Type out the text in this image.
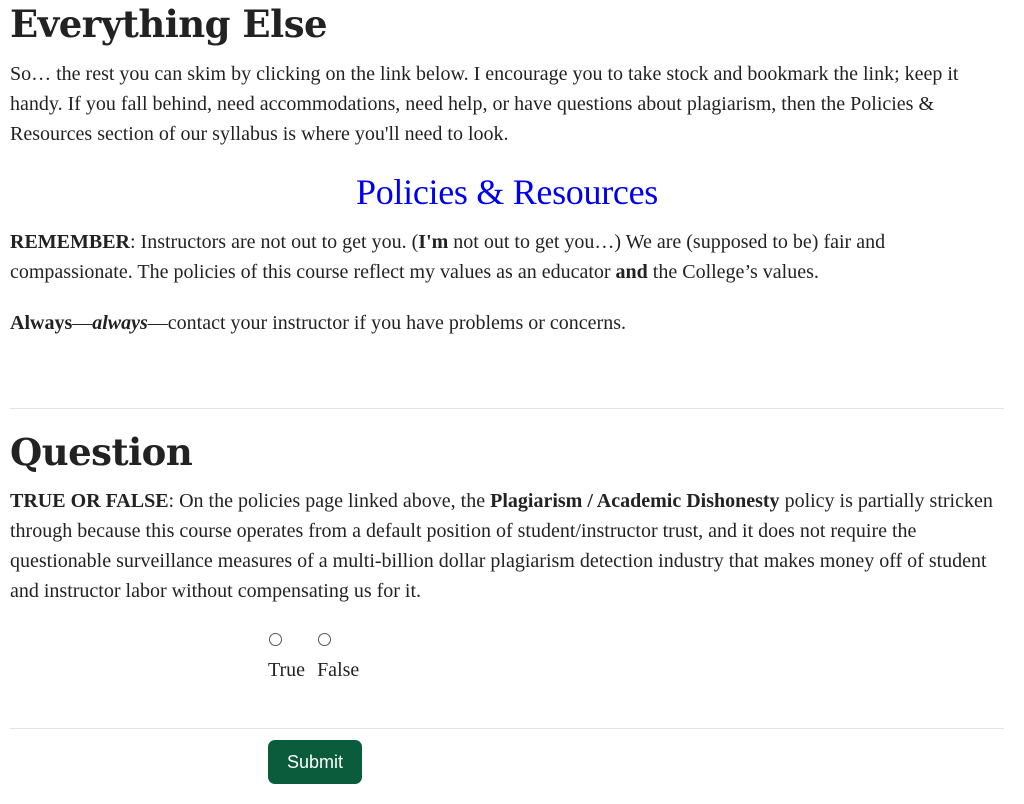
Everything Else

So… the rest you can skim by clicking on the link below. I encourage you to take stock and bookmark the link; keep it handy. If you fall behind, need accommodations, need help, or have questions about plagiarism, then the Policies & Resources section of our syllabus is where you'll need to look.

Policies & Resources

REMEMBER: Instructors are not out to get you. (I'm not out to get you…) We are (supposed to be) fair and compassionate. The policies of this course reflect my values as an educator and the College’s values.

Always—always—contact your instructor if you have problems or concerns.

Question

TRUE OR FALSE: On the policies page linked above, the Plagiarism / Academic Dishonesty policy is partially stricken through because this course operates from a default position of student/instructor trust, and it does not require the questionable surveillance measures of a multi-billion dollar plagiarism detection industry that makes money off of student and instructor labor without compensating us for it.

True False
Submit
